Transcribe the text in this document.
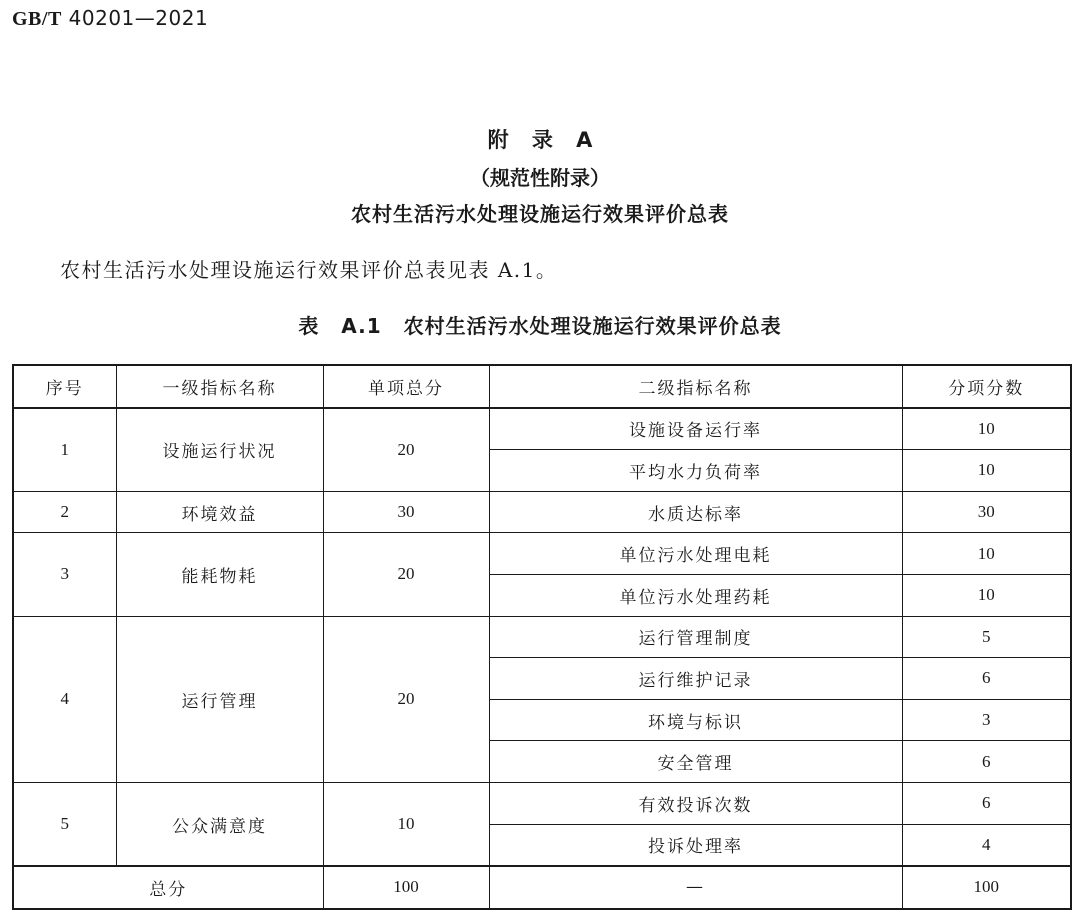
GB/T 40201—2021
附 录 A
（规范性附录）
农村生活污水处理设施运行效果评价总表
农村生活污水处理设施运行效果评价总表见表 A.1。
表 A.1 农村生活污水处理设施运行效果评价总表
序号	一级指标名称	单项总分	二级指标名称	分项分数
1	设施运行状况	20	设施设备运行率	10
			平均水力负荷率	10
2	环境效益	30	水质达标率	30
3	能耗物耗	20	单位污水处理电耗	10
			单位污水处理药耗	10
4	运行管理	20	运行管理制度	5
			运行维护记录	6
			环境与标识	3
			安全管理	6
5	公众满意度	10	有效投诉次数	6
			投诉处理率	4
总分		100	—	100
